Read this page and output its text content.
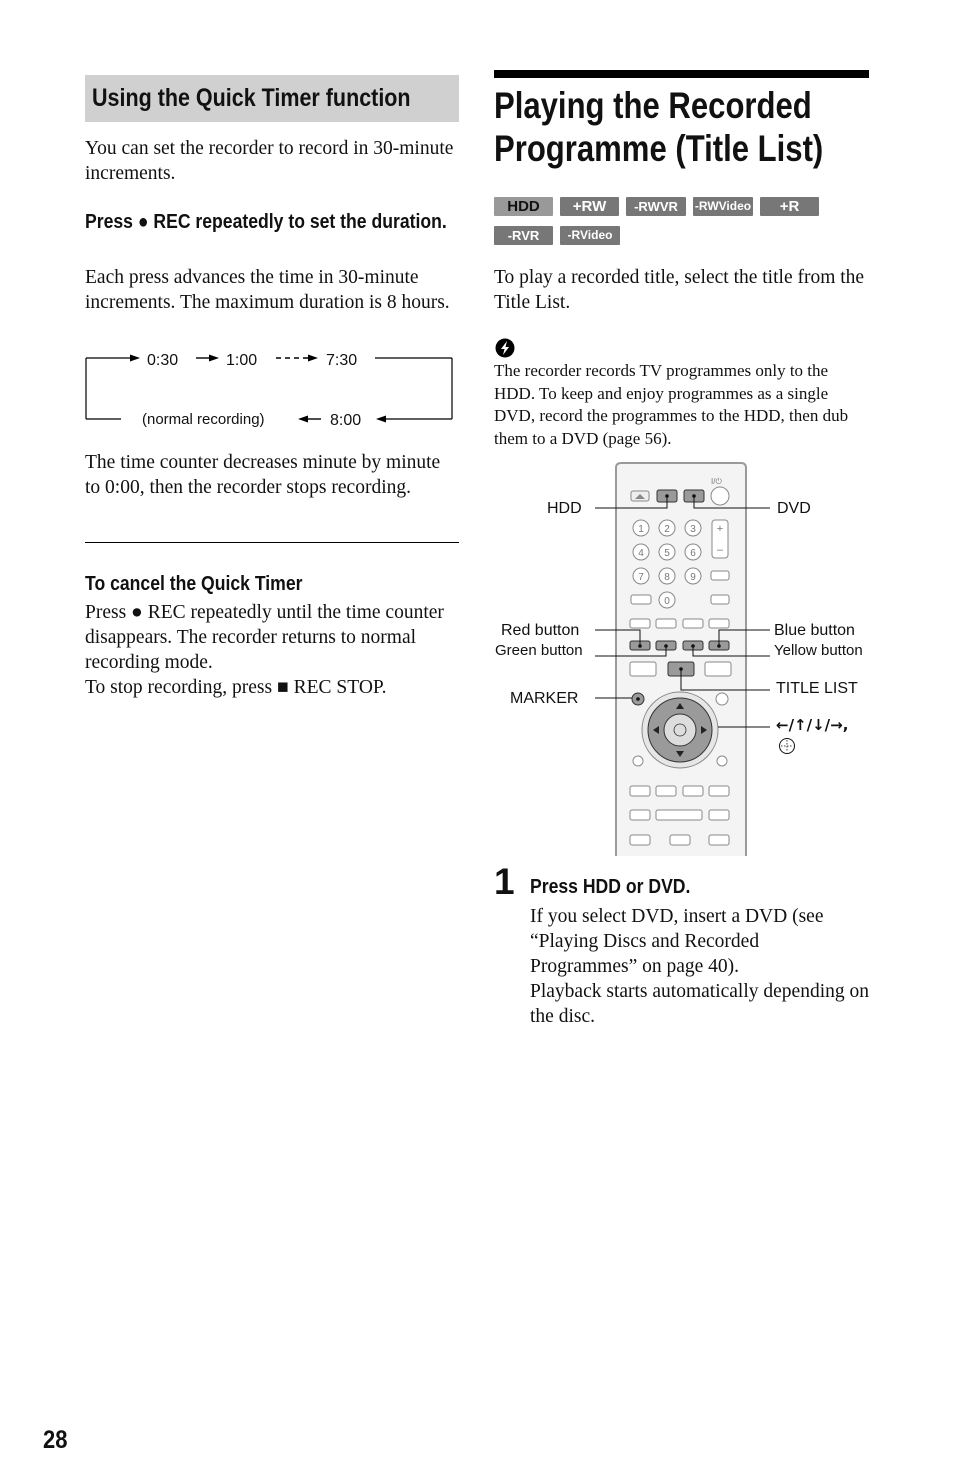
Using the Quick Timer function
You can set the recorder to record in 30-minute increments.
Press ● REC repeatedly to set the duration.
Each press advances the time in 30-minute increments. The maximum duration is 8 hours.
0:30	1:00	7:30
8:00
(normal recording)
The time counter decreases minute by minute to 0:00, then the recorder stops recording.
To cancel the Quick Timer
Press ● REC repeatedly until the time counter disappears. The recorder returns to normal recording mode.
To stop recording, press ■ REC STOP.
Playing the Recorded Programme (Title List)
HDD +RW -RWVR -RWVideo +R
-RVR -RVideo
To play a recorded title, select the title from the Title List.
The recorder records TV programmes only to the HDD. To keep and enjoy programmes as a single DVD, record the programmes to the HDD, then dub them to a DVD (page 56).
I/⏻
1 2 3
4 5 6
7 8 9
0
+
–
HDD	DVD
Red button
Green button
Blue button
Yellow button
MARKER
TITLE LIST
←/↑/↓/→,
1 Press HDD or DVD.
If you select DVD, insert a DVD (see “Playing Discs and Recorded Programmes” on page 40).
Playback starts automatically depending on the disc.
28
